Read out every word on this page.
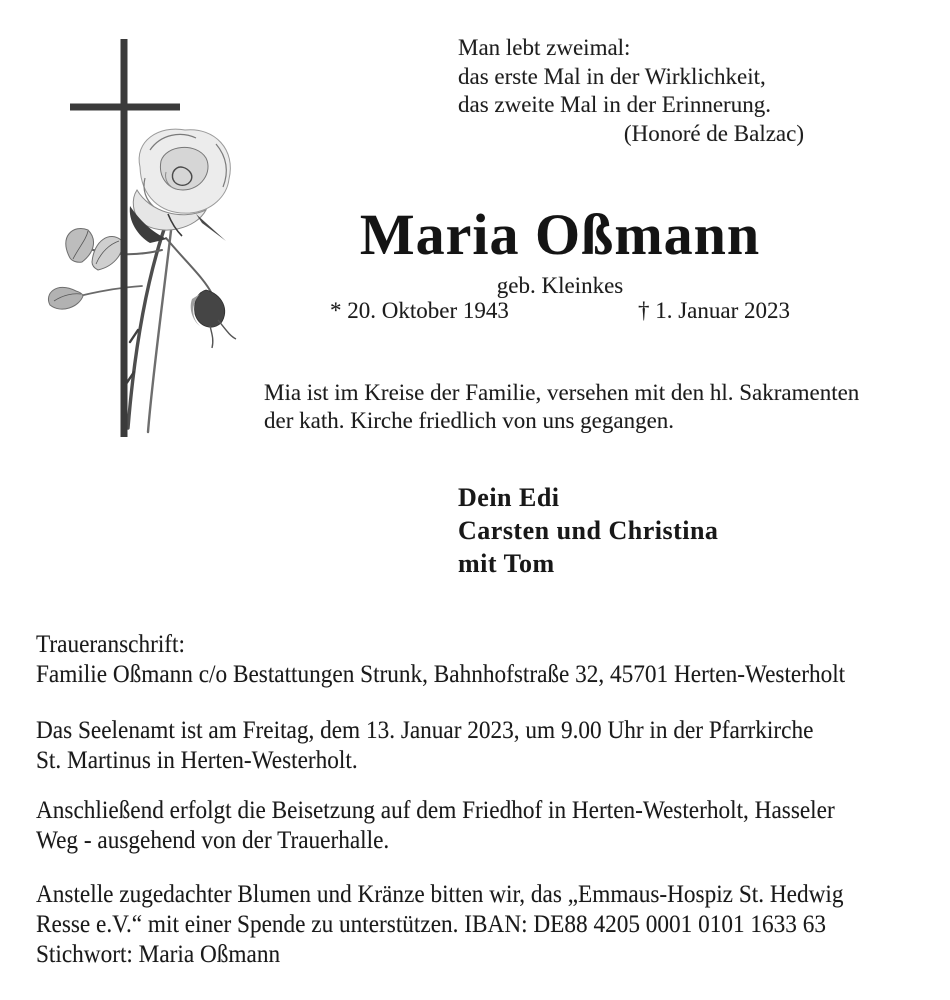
Man lebt zweimal:
das erste Mal in der Wirklichkeit,
das zweite Mal in der Erinnerung.
(Honoré de Balzac)
Maria Oßmann
geb. Kleinkes
* 20. Oktober 1943	† 1. Januar 2023
Mia ist im Kreise der Familie, versehen mit den hl. Sakramenten
der kath. Kirche friedlich von uns gegangen.
Dein Edi
Carsten und Christina
mit Tom
Traueranschrift:
Familie Oßmann c/o Bestattungen Strunk, Bahnhofstraße 32, 45701 Herten-Westerholt
Das Seelenamt ist am Freitag, dem 13. Januar 2023, um 9.00 Uhr in der Pfarrkirche
St. Martinus in Herten-Westerholt.
Anschließend erfolgt die Beisetzung auf dem Friedhof in Herten-Westerholt, Hasseler
Weg - ausgehend von der Trauerhalle.
Anstelle zugedachter Blumen und Kränze bitten wir, das „Emmaus-Hospiz St. Hedwig
Resse e.V.“ mit einer Spende zu unterstützen. IBAN: DE88 4205 0001 0101 1633 63
Stichwort: Maria Oßmann
